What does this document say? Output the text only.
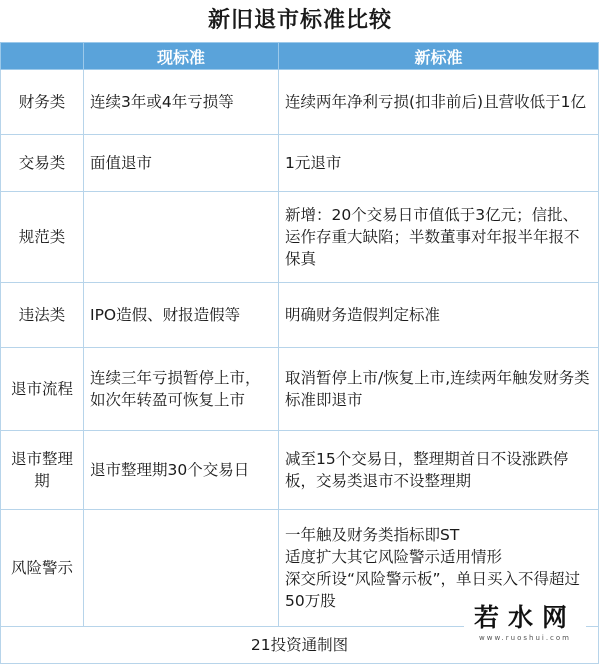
新旧退市标准比较
	现标准	新标准
财务类	连续3年或4年亏损等	连续两年净利亏损(扣非前后)且营收低于1亿
交易类	面值退市	1元退市
规范类		新增：20个交易日市值低于3亿元；信批、运作存重大缺陷；半数董事对年报半年报不保真
违法类	IPO造假、财报造假等	明确财务造假判定标准
退市流程	连续三年亏损暂停上市，如次年转盈可恢复上市	取消暂停上市/恢复上市,连续两年触发财务类标准即退市
退市整理期	退市整理期30个交易日	减至15个交易日，整理期首日不设涨跌停板，交易类退市不设整理期
风险警示		一年触及财务类指标即ST
适度扩大其它风险警示适用情形
深交所设“风险警示板”，单日买入不得超过50万股

21投资通制图		
若水网
www.ruoshui.com
